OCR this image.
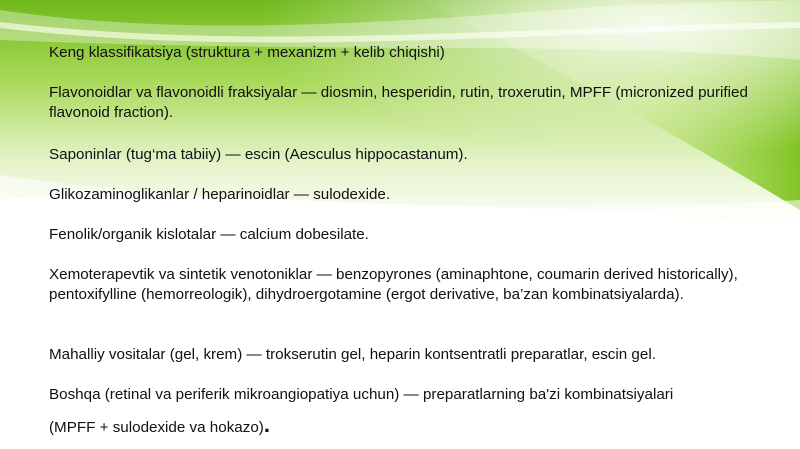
Keng klassifikatsiya (struktura + mexanizm + kelib chiqishi)

Flavonoidlar va flavonoidli fraksiyalar — diosmin, hesperidin, rutin, troxerutin, MPFF (micronized purified flavonoid fraction).

Saponinlar (tug‘ma tabiiy) — escin (Aesculus hippocastanum).

Glikozaminoglikanlar / heparinoidlar — sulodexide.

Fenolik/organik kislotalar — calcium dobesilate.

Xemoterapevtik va sintetik venotoniklar — benzopyrones (aminaphtone, coumarin derived historically), pentoxifylline (hemorreologik), dihydroergotamine (ergot derivative, ba’zan kombinatsiyalarda).

Mahalliy vositalar (gel, krem) — trokserutin gel, heparin kontsentratli preparatlar, escin gel.

Boshqa (retinal va periferik mikroangiopatiya uchun) — preparatlarning ba'zi kombinatsiyalari
(MPFF + sulodexide va hokazo).
